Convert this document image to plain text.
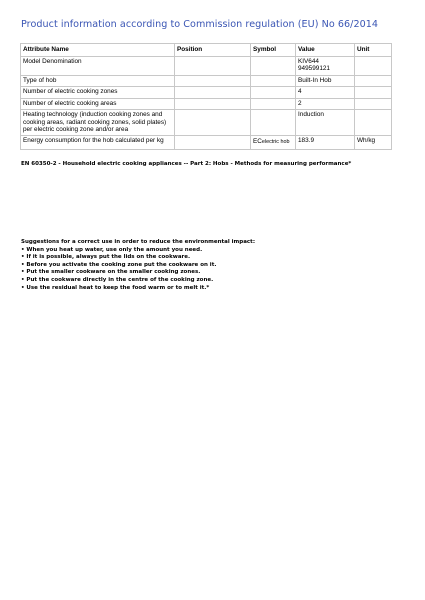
Product information according to Commission regulation (EU) No 66/2014
Attribute Name	Position	Symbol	Value	Unit
Model Denomination			KIV644
949599121	
Type of hob			Built-In Hob	
Number of electric cooking zones			4	
Number of electric cooking areas			2	
Heating technology (induction cooking zones and cooking areas, radiant cooking zones, solid plates) per electric cooking zone and/or area			Induction	
Energy consumption for the hob calculated per kg		ECelectric hob	183.9	Wh/kg
EN 60350-2 - Household electric cooking appliances -- Part 2: Hobs - Methods for measuring performance*
Suggestions for a correct use in order to reduce the environmental impact:
• When you heat up water, use only the amount you need.
• If it is possible, always put the lids on the cookware.
• Before you activate the cooking zone put the cookware on it.
• Put the smaller cookware on the smaller cooking zones.
• Put the cookware directly in the centre of the cooking zone.
• Use the residual heat to keep the food warm or to melt it.*
